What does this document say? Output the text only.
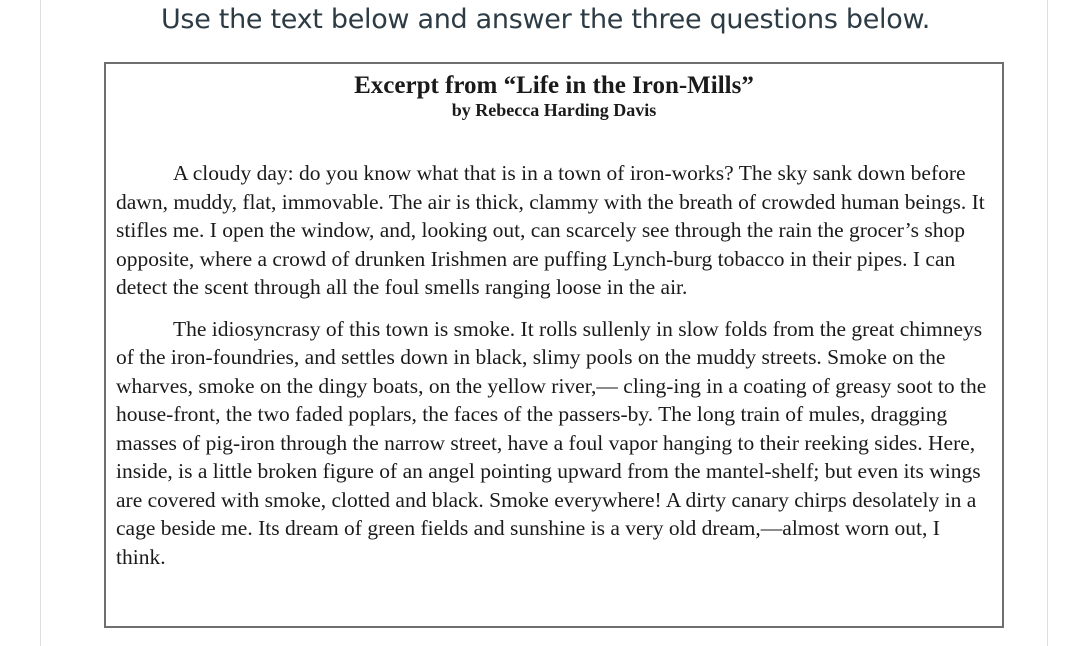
Use the text below and answer the three questions below.
Excerpt from “Life in the Iron-Mills”
by Rebecca Harding Davis

A cloudy day: do you know what that is in a town of iron-works? The sky sank down before dawn, muddy, flat, immovable. The air is thick, clammy with the breath of crowded human beings. It stifles me. I open the window, and, looking out, can scarcely see through the rain the grocer’s shop opposite, where a crowd of drunken Irishmen are puffing Lynch-burg tobacco in their pipes. I can detect the scent through all the foul smells ranging loose in the air.

The idiosyncrasy of this town is smoke. It rolls sullenly in slow folds from the great chimneys of the iron-foundries, and settles down in black, slimy pools on the muddy streets. Smoke on the wharves, smoke on the dingy boats, on the yellow river,— cling-ing in a coating of greasy soot to the house-front, the two faded poplars, the faces of the passers-by. The long train of mules, dragging masses of pig-iron through the narrow street, have a foul vapor hanging to their reeking sides. Here, inside, is a little broken figure of an angel pointing upward from the mantel-shelf; but even its wings are covered with smoke, clotted and black. Smoke everywhere! A dirty canary chirps desolately in a cage beside me. Its dream of green fields and sunshine is a very old dream,—almost worn out, I think.
